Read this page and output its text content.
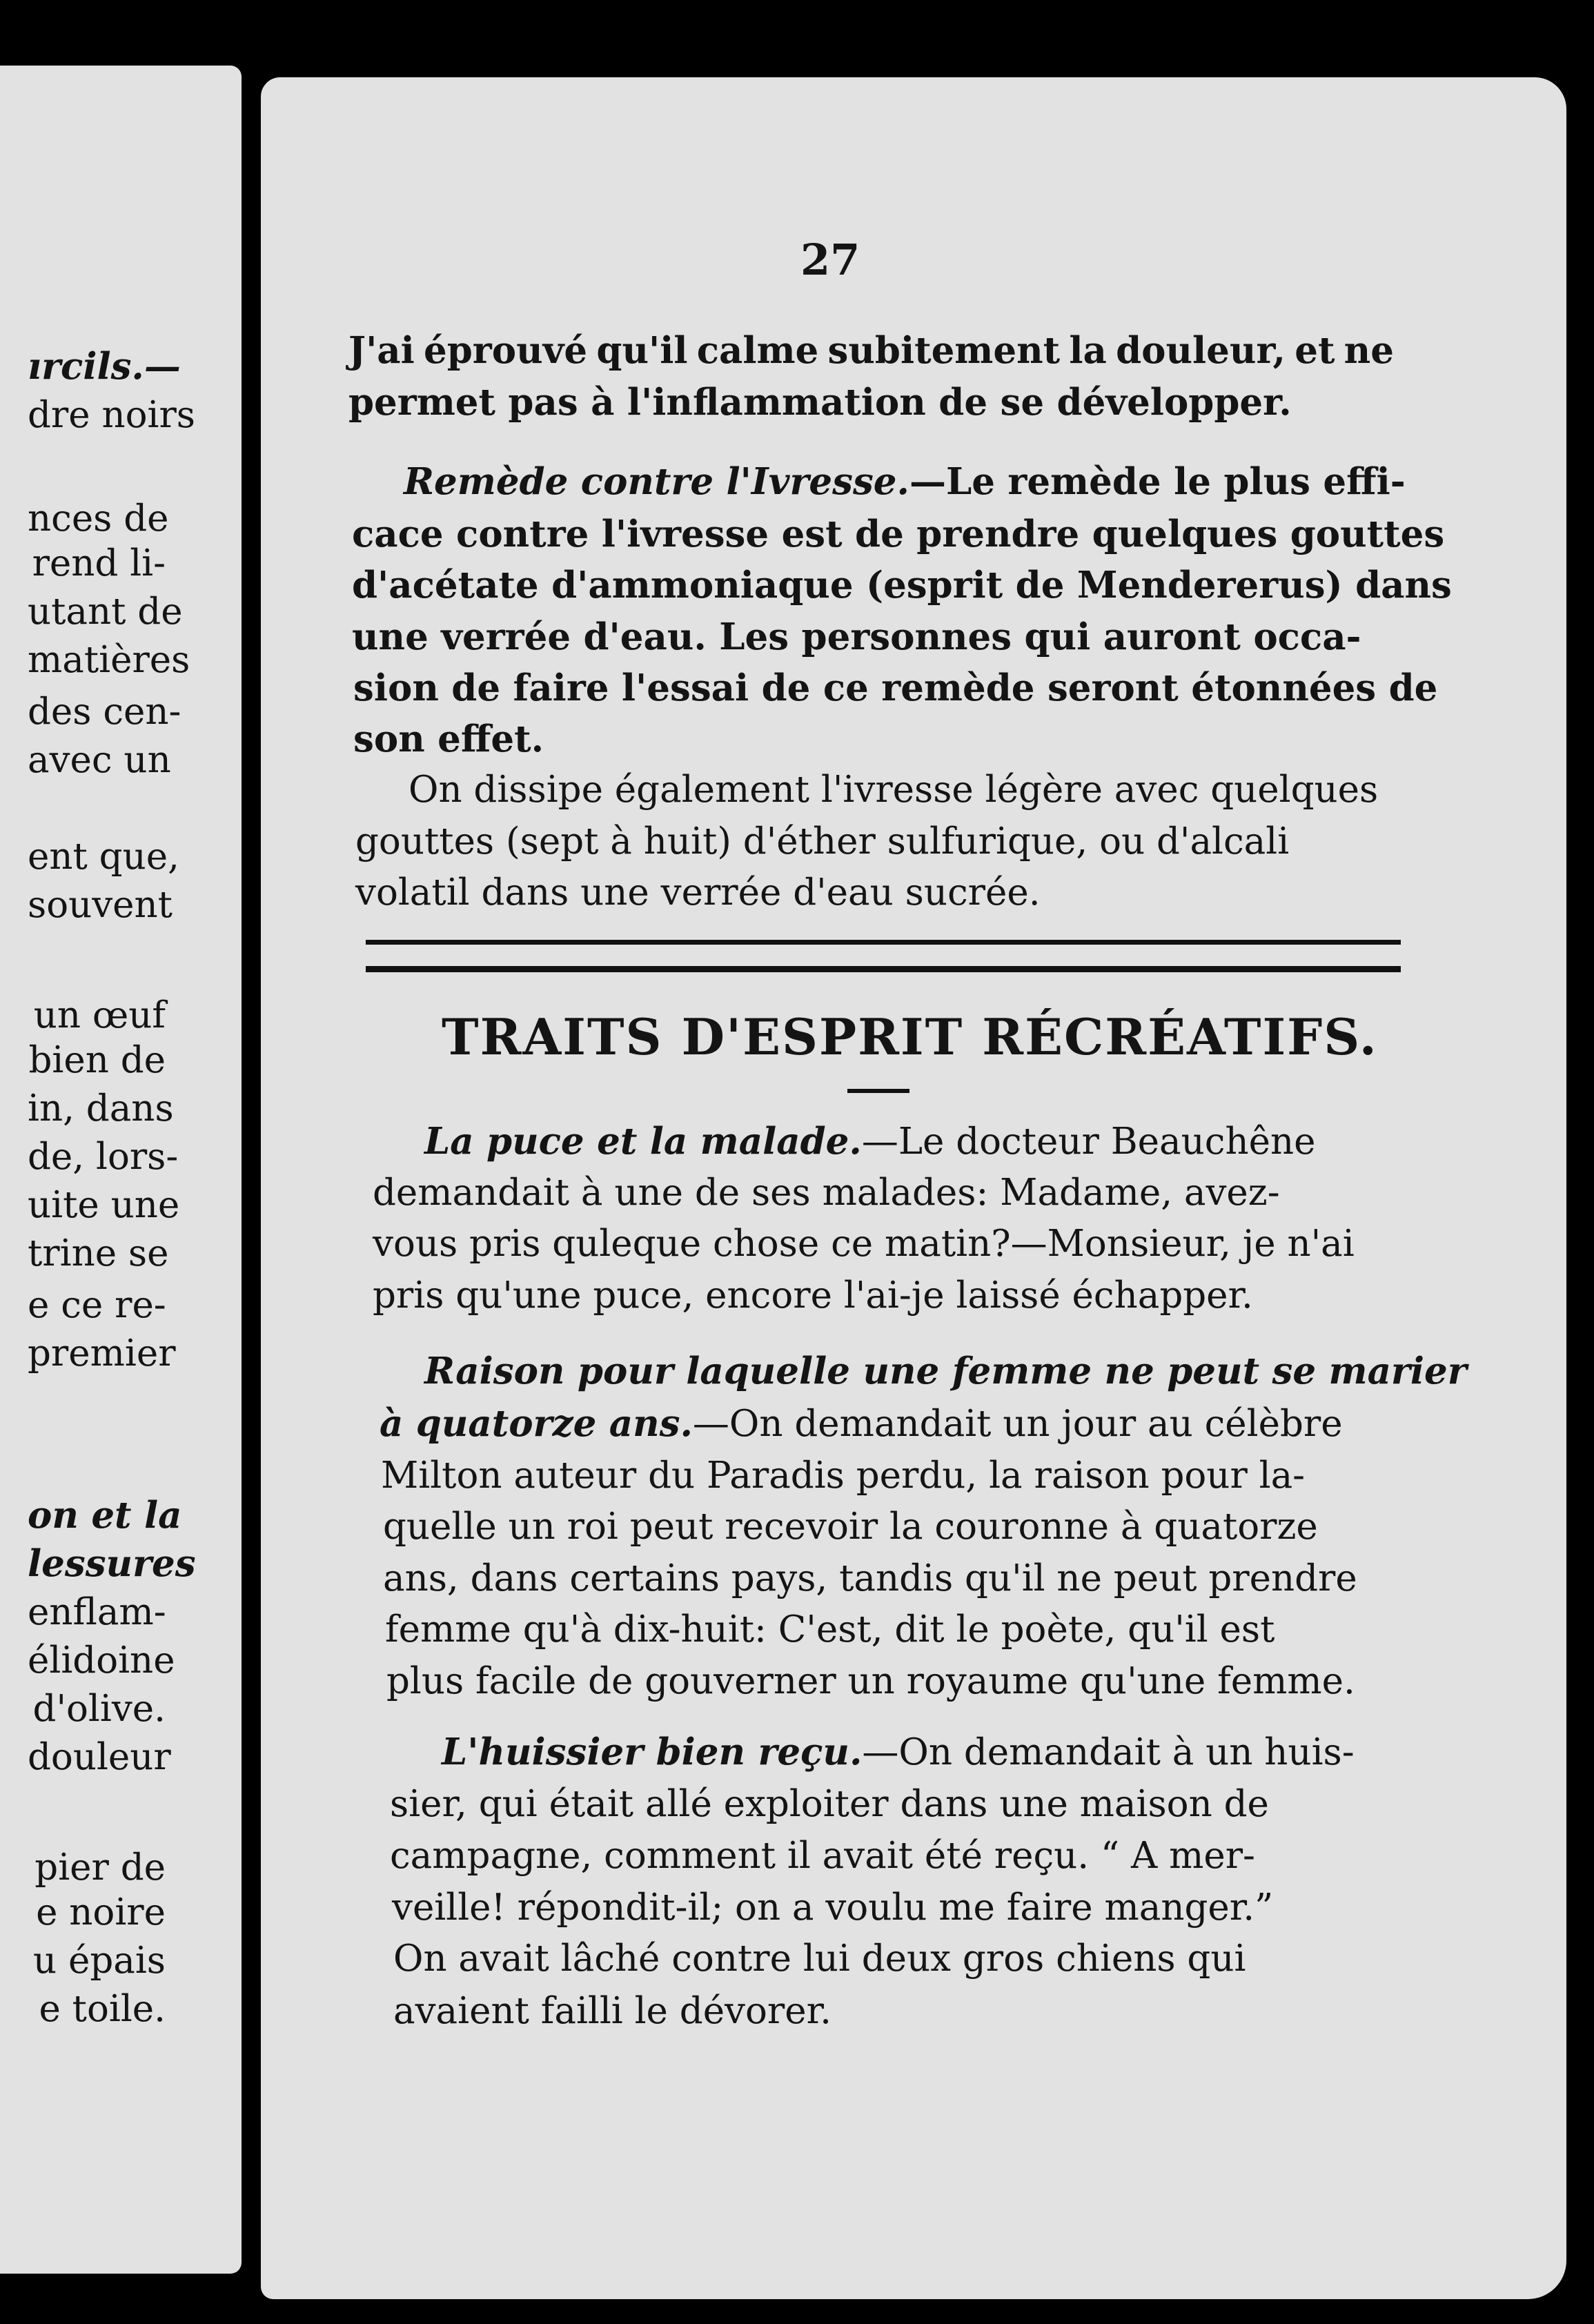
ırcils.—
dre noirs
nces de
rend li-
utant de
matières
des cen-
avec un
ent que,
souvent
un œuf
bien de
in, dans
de, lors-
uite une
trine se
e ce re-
premier
on et la
lessures
enflam-
élidoine
d'olive.
douleur
pier de
e noire
u épais
e toile.
27
J'ai éprouvé qu'il calme subitement la douleur, et ne
permet pas à l'inflammation de se développer.
Remède contre l'Ivresse.—Le remède le plus effi-
cace contre l'ivresse est de prendre quelques gouttes
d'acétate d'ammoniaque (esprit de Mendererus) dans
une verrée d'eau. Les personnes qui auront occa-
sion de faire l'essai de ce remède seront étonnées de
son effet.
On dissipe également l'ivresse légère avec quelques
gouttes (sept à huit) d'éther sulfurique, ou d'alcali
volatil dans une verrée d'eau sucrée.
TRAITS D'ESPRIT RÉCRÉATIFS.
La puce et la malade.—Le docteur Beauchêne
demandait à une de ses malades: Madame, avez-
vous pris quleque chose ce matin?—Monsieur, je n'ai
pris qu'une puce, encore l'ai-je laissé échapper.
Raison pour laquelle une femme ne peut se marier
à quatorze ans.—On demandait un jour au célèbre
Milton auteur du Paradis perdu, la raison pour la-
quelle un roi peut recevoir la couronne à quatorze
ans, dans certains pays, tandis qu'il ne peut prendre
femme qu'à dix-huit: C'est, dit le poète, qu'il est
plus facile de gouverner un royaume qu'une femme.
L'huissier bien reçu.—On demandait à un huis-
sier, qui était allé exploiter dans une maison de
campagne, comment il avait été reçu. “ A mer-
veille! répondit-il; on a voulu me faire manger.”
On avait lâché contre lui deux gros chiens qui
avaient failli le dévorer.
